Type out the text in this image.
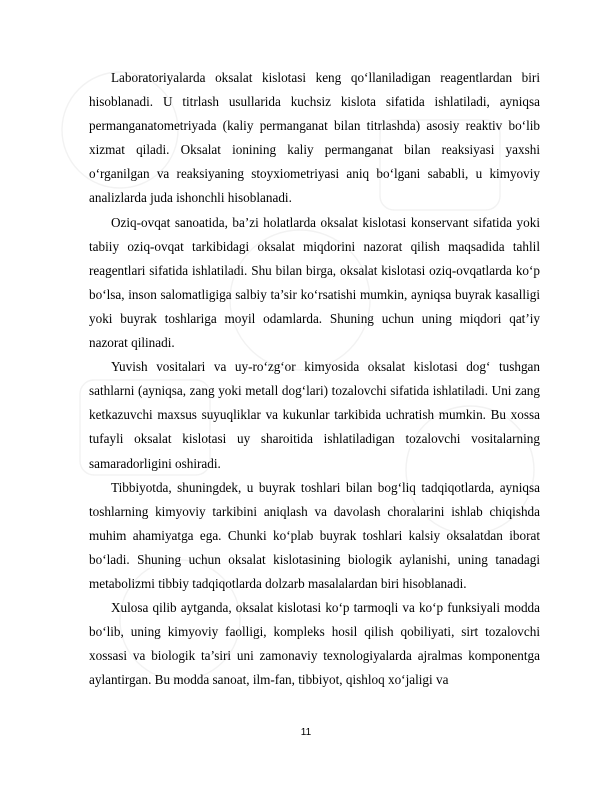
Laboratoriyalarda oksalat kislotasi keng qo‘llaniladigan reagentlardan biri hisoblanadi. U titrlash usullarida kuchsiz kislota sifatida ishlatiladi, ayniqsa permanganatometriyada (kaliy permanganat bilan titrlashda) asosiy reaktiv bo‘lib xizmat qiladi. Oksalat ionining kaliy permanganat bilan reaksiyasi yaxshi o‘rganilgan va reaksiyaning stoyxiometriyasi aniq bo‘lgani sababli, u kimyoviy analizlarda juda ishonchli hisoblanadi.

Oziq-ovqat sanoatida, ba’zi holatlarda oksalat kislotasi konservant sifatida yoki tabiiy oziq-ovqat tarkibidagi oksalat miqdorini nazorat qilish maqsadida tahlil reagentlari sifatida ishlatiladi. Shu bilan birga, oksalat kislotasi oziq-ovqatlarda ko‘p bo‘lsa, inson salomatligiga salbiy ta’sir ko‘rsatishi mumkin, ayniqsa buyrak kasalligi yoki buyrak toshlariga moyil odamlarda. Shuning uchun uning miqdori qat’iy nazorat qilinadi.

Yuvish vositalari va uy-ro‘zg‘or kimyosida oksalat kislotasi dog‘ tushgan sathlarni (ayniqsa, zang yoki metall dog‘lari) tozalovchi sifatida ishlatiladi. Uni zang ketkazuvchi maxsus suyuqliklar va kukunlar tarkibida uchratish mumkin. Bu xossa tufayli oksalat kislotasi uy sharoitida ishlatiladigan tozalovchi vositalarning samaradorligini oshiradi.

Tibbiyotda, shuningdek, u buyrak toshlari bilan bog‘liq tadqiqotlarda, ayniqsa toshlarning kimyoviy tarkibini aniqlash va davolash choralarini ishlab chiqishda muhim ahamiyatga ega. Chunki ko‘plab buyrak toshlari kalsiy oksalatdan iborat bo‘ladi. Shuning uchun oksalat kislotasining biologik aylanishi, uning tanadagi metabolizmi tibbiy tadqiqotlarda dolzarb masalalardan biri hisoblanadi.

Xulosa qilib aytganda, oksalat kislotasi ko‘p tarmoqli va ko‘p funksiyali modda bo‘lib, uning kimyoviy faolligi, kompleks hosil qilish qobiliyati, sirt tozalovchi xossasi va biologik ta’siri uni zamonaviy texnologiyalarda ajralmas komponentga aylantirgan. Bu modda sanoat, ilm-fan, tibbiyot, qishloq xo‘jaligi va

11
